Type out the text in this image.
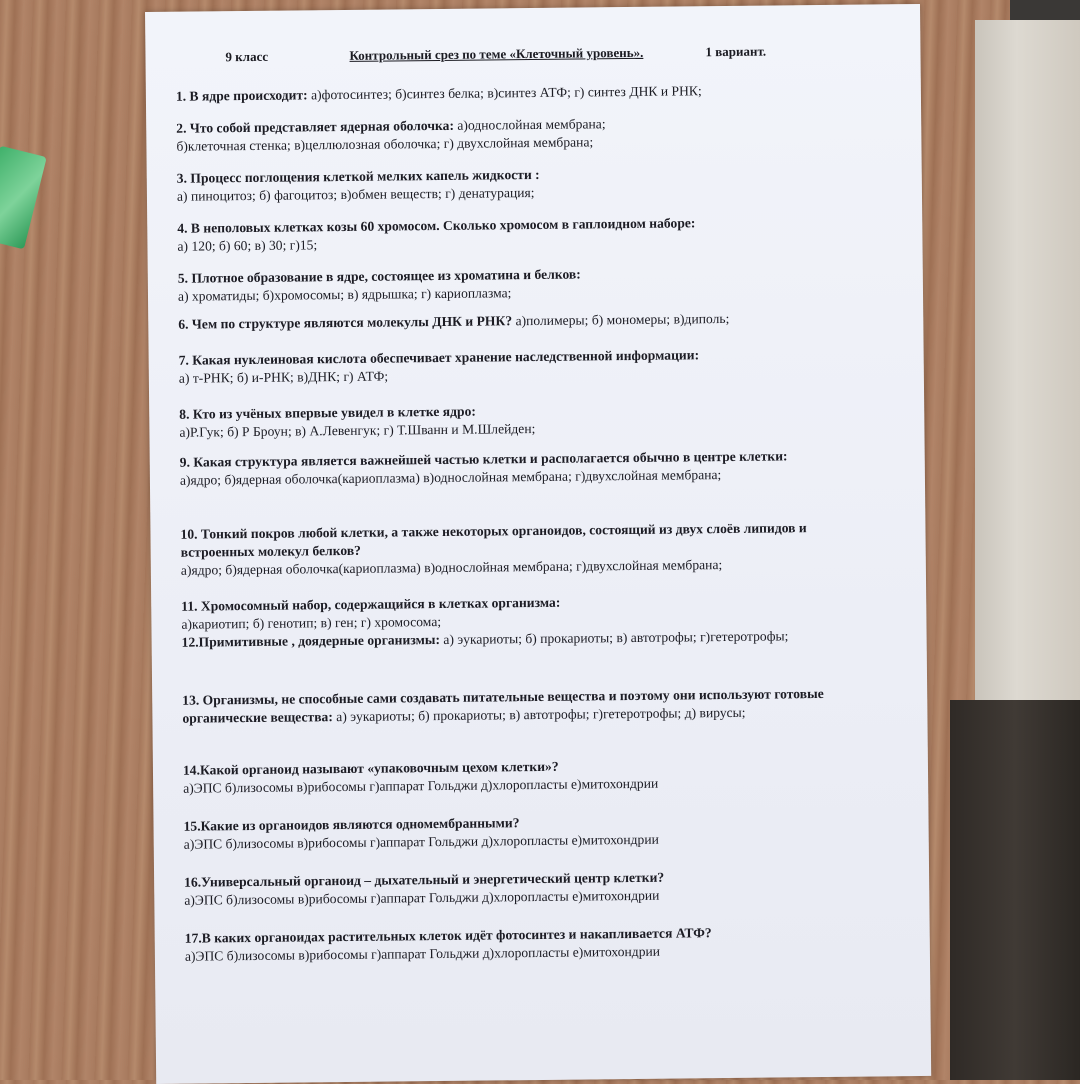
9 класс	Контрольный срез по теме «Клеточный уровень».	1 вариант.
1. В ядре происходит: а)фотосинтез; б)синтез белка; в)синтез АТФ; г) синтез ДНК и РНК;
2. Что собой представляет ядерная оболочка: а)однослойная мембрана;
б)клеточная стенка; в)целлюлозная оболочка; г) двухслойная мембрана;
3. Процесс поглощения клеткой мелких капель жидкости :
а) пиноцитоз; б) фагоцитоз; в)обмен веществ; г) денатурация;
4. В неполовых клетках козы 60 хромосом. Сколько хромосом в гаплоидном наборе:
а) 120; б) 60; в) 30; г)15;
5. Плотное образование в ядре, состоящее из хроматина и белков:
а) хроматиды; б)хромосомы; в) ядрышка; г) кариоплазма;
6. Чем по структуре являются молекулы ДНК и РНК? а)полимеры; б) мономеры; в)диполь;
7. Какая нуклеиновая кислота обеспечивает хранение наследственной информации:
а) т-РНК; б) и-РНК; в)ДНК; г) АТФ;
8. Кто из учёных впервые увидел в клетке ядро:
а)Р.Гук; б) Р Броун; в) А.Левенгук; г) Т.Шванн и М.Шлейден;
9. Какая структура является важнейшей частью клетки и располагается обычно в центре клетки:
а)ядро; б)ядерная оболочка(кариоплазма) в)однослойная мембрана; г)двухслойная мембрана;
10. Тонкий покров любой клетки, а также некоторых органоидов, состоящий из двух слоёв липидов и встроенных молекул белков?
а)ядро; б)ядерная оболочка(кариоплазма) в)однослойная мембрана; г)двухслойная мембрана;
11. Хромосомный набор, содержащийся в клетках организма:
а)кариотип; б) генотип; в) ген; г) хромосома;
12.Примитивные , доядерные организмы: а) эукариоты; б) прокариоты; в) автотрофы; г)гетеротрофы;
13. Организмы, не способные сами создавать питательные вещества и поэтому они используют готовые органические вещества: а) эукариоты; б) прокариоты; в) автотрофы; г)гетеротрофы; д) вирусы;
14.Какой органоид называют «упаковочным цехом клетки»?
а)ЭПС б)лизосомы в)рибосомы г)аппарат Гольджи д)хлоропласты е)митохондрии
15.Какие из органоидов являются одномембранными?
а)ЭПС б)лизосомы в)рибосомы г)аппарат Гольджи д)хлоропласты е)митохондрии
16.Универсальный органоид – дыхательный и энергетический центр клетки?
а)ЭПС б)лизосомы в)рибосомы г)аппарат Гольджи д)хлоропласты е)митохондрии
17.В каких органоидах растительных клеток идёт фотосинтез и накапливается АТФ?
а)ЭПС б)лизосомы в)рибосомы г)аппарат Гольджи д)хлоропласты е)митохондрии
